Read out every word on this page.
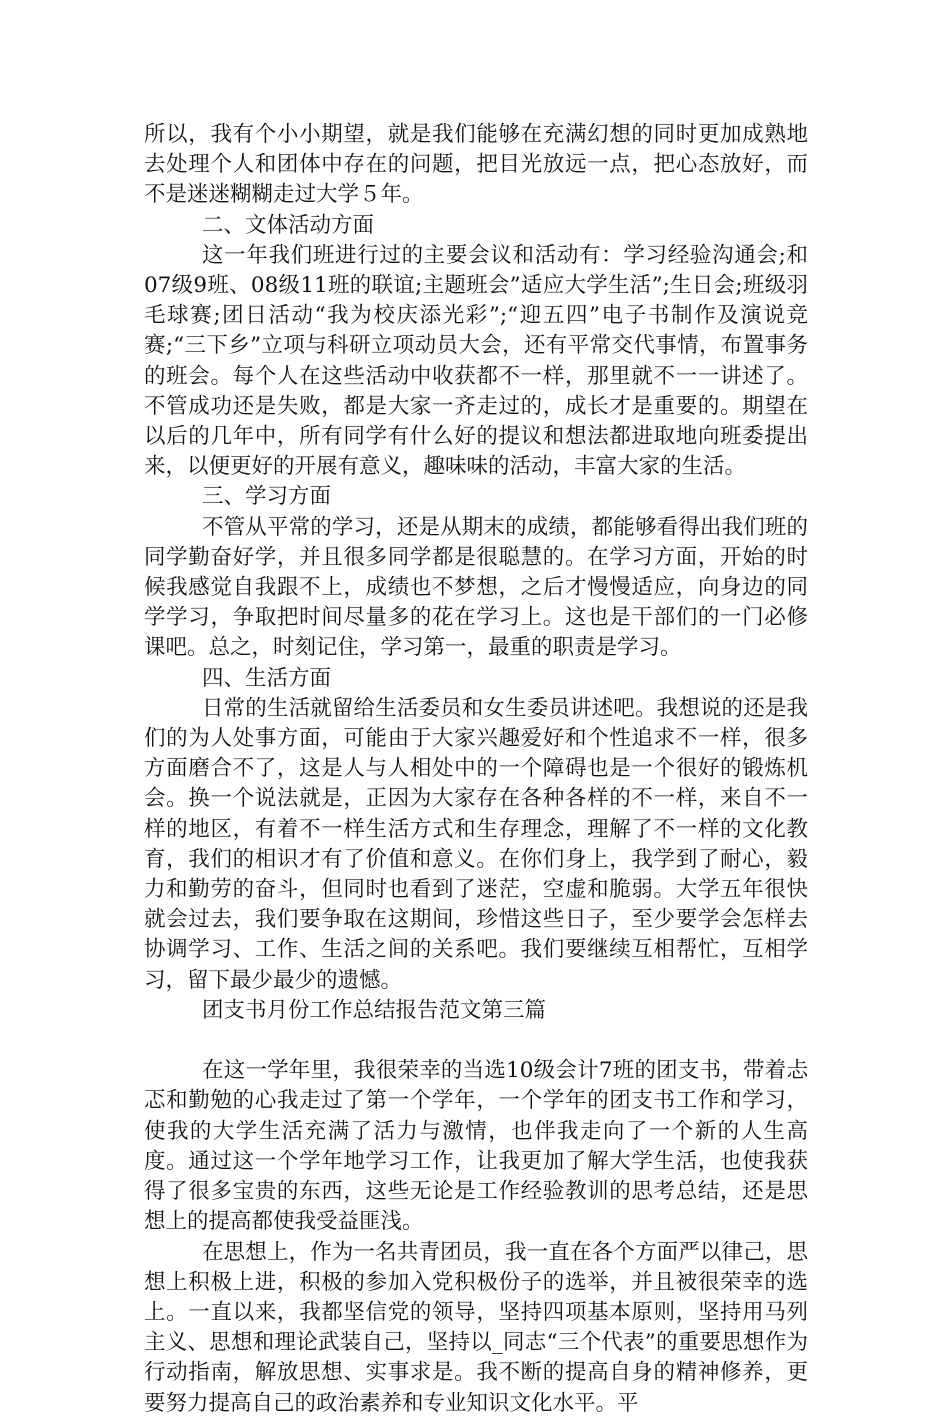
所以，我有个小小期望，就是我们能够在充满幻想的同时更加成熟地去处理个人和团体中存在的问题，把目光放远一点，把心态放好，而不是迷迷糊糊走过大学５年。

二、文体活动方面

这一年我们班进行过的主要会议和活动有：学习经验沟通会;和07级9班、08级11班的联谊;主题班会”适应大学生活”;生日会;班级羽毛球赛;团日活动“我为校庆添光彩”;“迎五四”电子书制作及演说竞赛;“三下乡”立项与科研立项动员大会，还有平常交代事情，布置事务的班会。每个人在这些活动中收获都不一样，那里就不一一讲述了。不管成功还是失败，都是大家一齐走过的，成长才是重要的。期望在以后的几年中，所有同学有什么好的提议和想法都进取地向班委提出来，以便更好的开展有意义，趣味味的活动，丰富大家的生活。

三、学习方面

不管从平常的学习，还是从期末的成绩，都能够看得出我们班的同学勤奋好学，并且很多同学都是很聪慧的。在学习方面，开始的时候我感觉自我跟不上，成绩也不梦想，之后才慢慢适应，向身边的同学学习，争取把时间尽量多的花在学习上。这也是干部们的一门必修课吧。总之，时刻记住，学习第一，最重的职责是学习。

四、生活方面

日常的生活就留给生活委员和女生委员讲述吧。我想说的还是我们的为人处事方面，可能由于大家兴趣爱好和个性追求不一样，很多方面磨合不了，这是人与人相处中的一个障碍也是一个很好的锻炼机会。换一个说法就是，正因为大家存在各种各样的不一样，来自不一样的地区，有着不一样生活方式和生存理念，理解了不一样的文化教育，我们的相识才有了价值和意义。在你们身上，我学到了耐心，毅力和勤劳的奋斗，但同时也看到了迷茫，空虚和脆弱。大学五年很快就会过去，我们要争取在这期间，珍惜这些日子，至少要学会怎样去协调学习、工作、生活之间的关系吧。我们要继续互相帮忙，互相学习，留下最少最少的遗憾。

团支书月份工作总结报告范文第三篇

在这一学年里，我很荣幸的当选10级会计7班的团支书，带着忐忑和勤勉的心我走过了第一个学年，一个学年的团支书工作和学习，使我的大学生活充满了活力与激情，也伴我走向了一个新的人生高度。通过这一个学年地学习工作，让我更加了解大学生活，也使我获得了很多宝贵的东西，这些无论是工作经验教训的思考总结，还是思想上的提高都使我受益匪浅。

在思想上，作为一名共青团员，我一直在各个方面严以律己，思想上积极上进，积极的参加入党积极份子的选举，并且被很荣幸的选上。一直以来，我都坚信党的领导，坚持四项基本原则，坚持用马列主义、思想和理论武装自己，坚持以_同志“三个代表”的重要思想作为行动指南，解放思想、实事求是。我不断的提高自身的精神修养，更要努力提高自己的政治素养和专业知识文化水平。平
